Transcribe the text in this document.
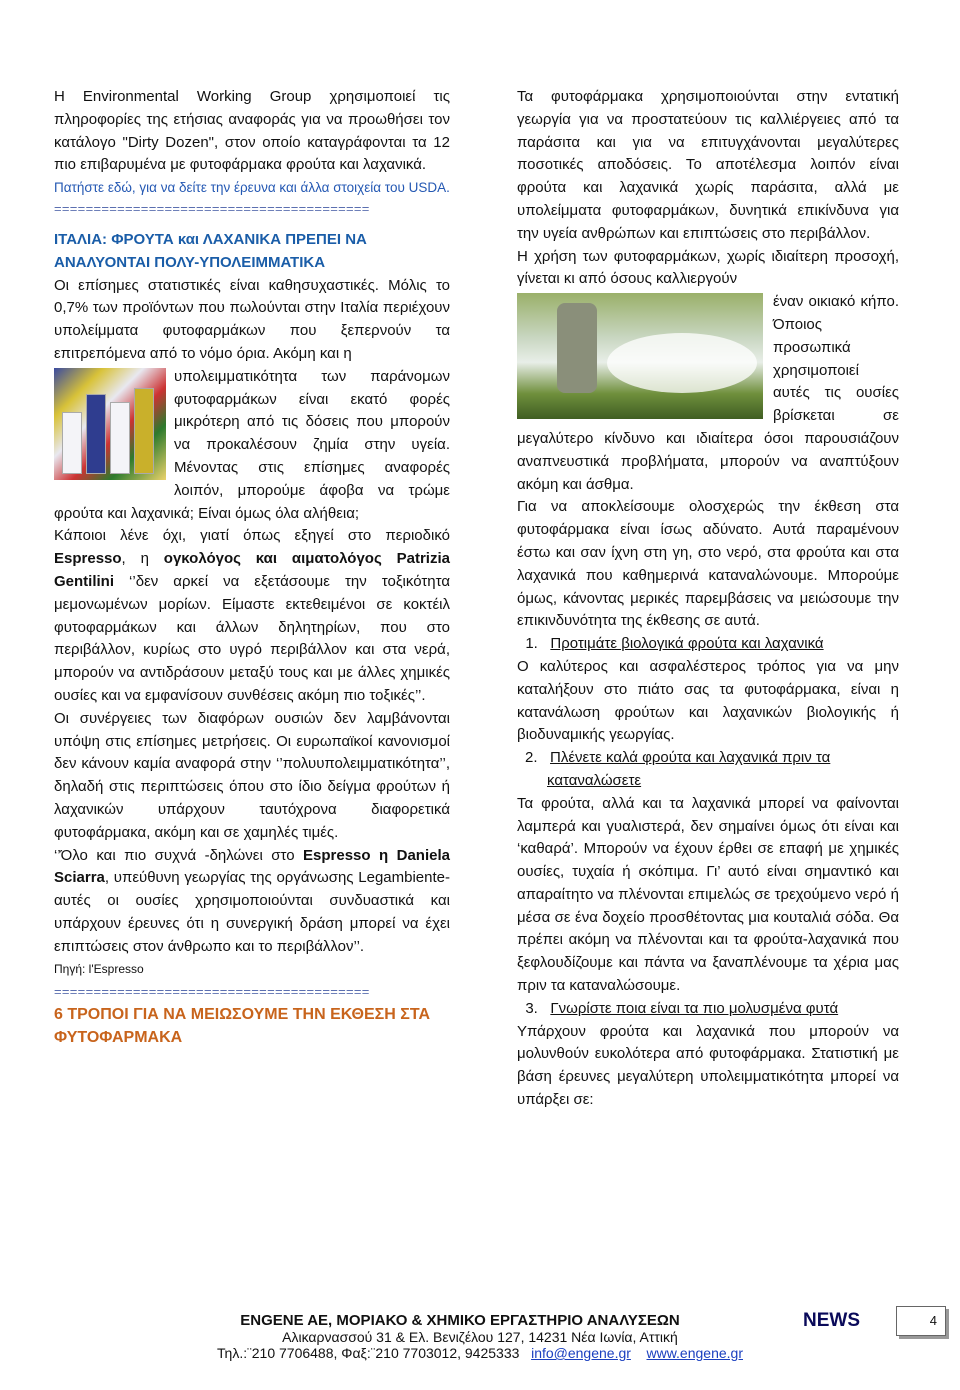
Η Environmental Working Group χρησιμοποιεί τις πληροφορίες της ετήσιας αναφοράς για να προωθήσει τον κατάλογο "Dirty Dozen", στον οποίο καταγράφονται τα 12 πιο επιβαρυμένα με φυτοφάρμακα φρούτα και λαχανικά.

Πατήστε εδώ, για να δείτε την έρευνα και άλλα στοιχεία του USDA.

========================================

ΙΤΑΛΙΑ: ΦΡΟΥΤΑ και ΛΑΧΑΝΙΚΑ ΠΡΕΠΕΙ ΝΑ ΑΝΑΛΥΟΝΤΑΙ ΠΟΛΥ-ΥΠΟΛΕΙΜΜΑΤΙΚΑ

Οι επίσημες στατιστικές είναι καθησυχαστικές. Μόλις το 0,7% των προϊόντων που πωλούνται στην Ιταλία περιέχουν υπολείμματα φυτοφαρμάκων που ξεπερνούν τα επιτρεπόμενα από το νόμο όρια. Ακόμη και η

υπολειμματικότητα των παράνομων φυτοφαρμάκων είναι εκατό φορές μικρότερη από τις δόσεις που μπορούν να προκαλέσουν ζημία στην υγεία. Μένοντας στις επίσημες αναφορές λοιπόν, μπορούμε άφοβα να τρώμε φρούτα και λαχανικά; Είναι όμως όλα αλήθεια;

Κάποιοι λένε όχι, γιατί όπως εξηγεί στο περιοδικό Espresso, η ογκολόγος και αιματολόγος Patrizia Gentilini ‘’δεν αρκεί να εξετάσουμε την τοξικότητα μεμονωμένων μορίων. Είμαστε εκτεθειμένοι σε κοκτέιλ φυτοφαρμάκων και άλλων δηλητηρίων, που στο περιβάλλον, κυρίως στο υγρό περιβάλλον και στα νερά, μπορούν να αντιδράσουν μεταξύ τους και με άλλες χημικές ουσίες και να εμφανίσουν συνθέσεις ακόμη πιο τοξικές’’.

Οι συνέργειες των διαφόρων ουσιών δεν λαμβάνονται υπόψη στις επίσημες μετρήσεις. Οι ευρωπαϊκοί κανονισμοί δεν κάνουν καμία αναφορά στην ‘’πολυυπολειμματικότητα’’, δηλαδή στις περιπτώσεις όπου στο ίδιο δείγμα φρούτων ή λαχανικών υπάρχουν ταυτόχρονα διαφορετικά φυτοφάρμακα, ακόμη και σε χαμηλές τιμές.

‘’Όλο και πιο συχνά -δηλώνει στο Espresso η Daniela Sciarra, υπεύθυνη γεωργίας της οργάνωσης Legambiente- αυτές οι ουσίες χρησιμοποιούνται συνδυαστικά και υπάρχουν έρευνες ότι η συνεργική δράση μπορεί να έχει επιπτώσεις στον άνθρωπο και το περιβάλλον’’.

Πηγή: l'Espresso

========================================

6 ΤΡΟΠΟΙ ΓΙΑ ΝΑ ΜΕΙΩΣΟΥΜΕ ΤΗΝ ΕΚΘΕΣΗ ΣΤΑ ΦΥΤΟΦΑΡΜΑΚΑ

Τα φυτοφάρμακα χρησιμοποιούνται στην εντατική γεωργία για να προστατεύουν τις καλλιέργειες από τα παράσιτα και για να επιτυγχάνονται μεγαλύτερες ποσοτικές αποδόσεις. Το αποτέλεσμα λοιπόν είναι φρούτα και λαχανικά χωρίς παράσιτα, αλλά με υπολείμματα φυτοφαρμάκων, δυνητικά επικίνδυνα για την υγεία ανθρώπων και επιπτώσεις στο περιβάλλον.

Η χρήση των φυτοφαρμάκων, χωρίς ιδιαίτερη προσοχή, γίνεται κι από όσους καλλιεργούν

έναν οικιακό κήπο. Όποιος προσωπικά χρησιμοποιεί αυτές τις ουσίες βρίσκεται σε μεγαλύτερο κίνδυνο και ιδιαίτερα όσοι παρουσιάζουν αναπνευστικά προβλήματα, μπορούν να αναπτύξουν ακόμη και άσθμα.

Για να αποκλείσουμε ολοσχερώς την έκθεση στα φυτοφάρμακα είναι ίσως αδύνατο. Αυτά παραμένουν έστω και σαν ίχνη στη γη, στο νερό, στα φρούτα και στα λαχανικά που καθημερινά καταναλώνουμε. Μπορούμε όμως, κάνοντας μερικές παρεμβάσεις να μειώσουμε την επικινδυνότητα της έκθεσης σε αυτά.

1. Προτιμάτε βιολογικά φρούτα και λαχανικά

Ο καλύτερος και ασφαλέστερος τρόπος για να μην καταλήξουν στο πιάτο σας τα φυτοφάρμακα, είναι η κατανάλωση φρούτων και λαχανικών βιολογικής ή βιοδυναμικής γεωργίας.

2. Πλένετε καλά φρούτα και λαχανικά πριν τα καταναλώσετε

Τα φρούτα, αλλά και τα λαχανικά μπορεί να φαίνονται λαμπερά και γυαλιστερά, δεν σημαίνει όμως ότι είναι και ‘καθαρά’. Μπορούν να έχουν έρθει σε επαφή με χημικές ουσίες, τυχαία ή σκόπιμα. Γι’ αυτό είναι σημαντικό και απαραίτητο να πλένονται επιμελώς σε τρεχούμενο νερό ή μέσα σε ένα δοχείο προσθέτοντας μια κουταλιά σόδα. Θα πρέπει ακόμη να πλένονται και τα φρούτα-λαχανικά που ξεφλουδίζουμε και πάντα να ξαναπλένουμε τα χέρια μας πριν τα καταναλώσουμε.

3. Γνωρίστε ποια είναι τα πιο μολυσμένα φυτά

Υπάρχουν φρούτα και λαχανικά που μπορούν να μολυνθούν ευκολότερα από φυτοφάρμακα. Στατιστική με βάση έρευνες μεγαλύτερη υπολειμματικότητα μπορεί να υπάρξει σε:

ENGENE AE, ΜΟΡΙΑΚΟ & ΧΗΜΙΚΟ ΕΡΓΑΣΤΗΡΙΟ ΑΝΑΛΥΣΕΩΝ
Αλικαρνασσού 31 & Ελ. Βενιζέλου 127, 14231 Νέα Ιωνία, Αττική
Τηλ.:¨210 7706488, Φαξ:¨210 7703012, 9425333 info@engene.gr www.engene.gr
NEWS	4
